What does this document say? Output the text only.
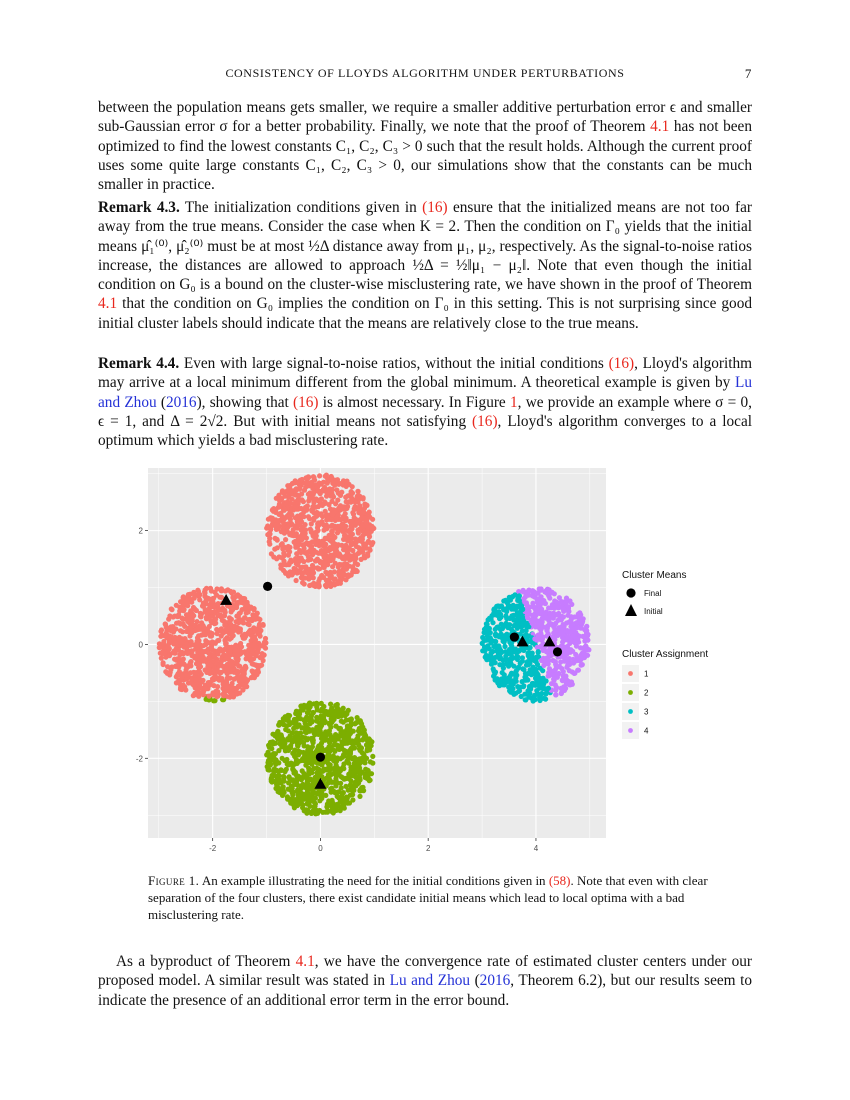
CONSISTENCY OF LLOYDS ALGORITHM UNDER PERTURBATIONS	7
between the population means gets smaller, we require a smaller additive perturbation error ϵ and smaller sub-Gaussian error σ for a better probability. Finally, we note that the proof of Theorem 4.1 has not been optimized to find the lowest constants C₁, C₂, C₃ > 0 such that the result holds. Although the current proof uses some quite large constants C₁, C₂, C₃ > 0, our simulations show that the constants can be much smaller in practice.
Remark 4.3. The initialization conditions given in (16) ensure that the initialized means are not too far away from the true means. Consider the case when K = 2. Then the condition on Γ₀ yields that the initial means μ̂₁⁽⁰⁾, μ̂₂⁽⁰⁾ must be at most ½Δ distance away from μ₁, μ₂, respectively. As the signal-to-noise ratios increase, the distances are allowed to approach ½Δ = ½‖μ₁ − μ₂‖. Note that even though the initial condition on G₀ is a bound on the cluster-wise misclustering rate, we have shown in the proof of Theorem 4.1 that the condition on G₀ implies the condition on Γ₀ in this setting. This is not surprising since good initial cluster labels should indicate that the means are relatively close to the true means.
Remark 4.4. Even with large signal-to-noise ratios, without the initial conditions (16), Lloyd's algorithm may arrive at a local minimum different from the global minimum. A theoretical example is given by Lu and Zhou (2016), showing that (16) is almost necessary. In Figure 1, we provide an example where σ = 0, ϵ = 1, and Δ = 2√2. But with initial means not satisfying (16), Lloyd's algorithm converges to a local optimum which yields a bad misclustering rate.
-2	0	2	4
-2
0
2
Cluster Means
Final
Initial
Cluster Assignment
1
2
3
4
Figure 1. An example illustrating the need for the initial conditions given in (58). Note that even with clear separation of the four clusters, there exist candidate initial means which lead to local optima with a bad misclustering rate.
As a byproduct of Theorem 4.1, we have the convergence rate of estimated cluster centers under our proposed model. A similar result was stated in Lu and Zhou (2016, Theorem 6.2), but our results seem to indicate the presence of an additional error term in the error bound.
